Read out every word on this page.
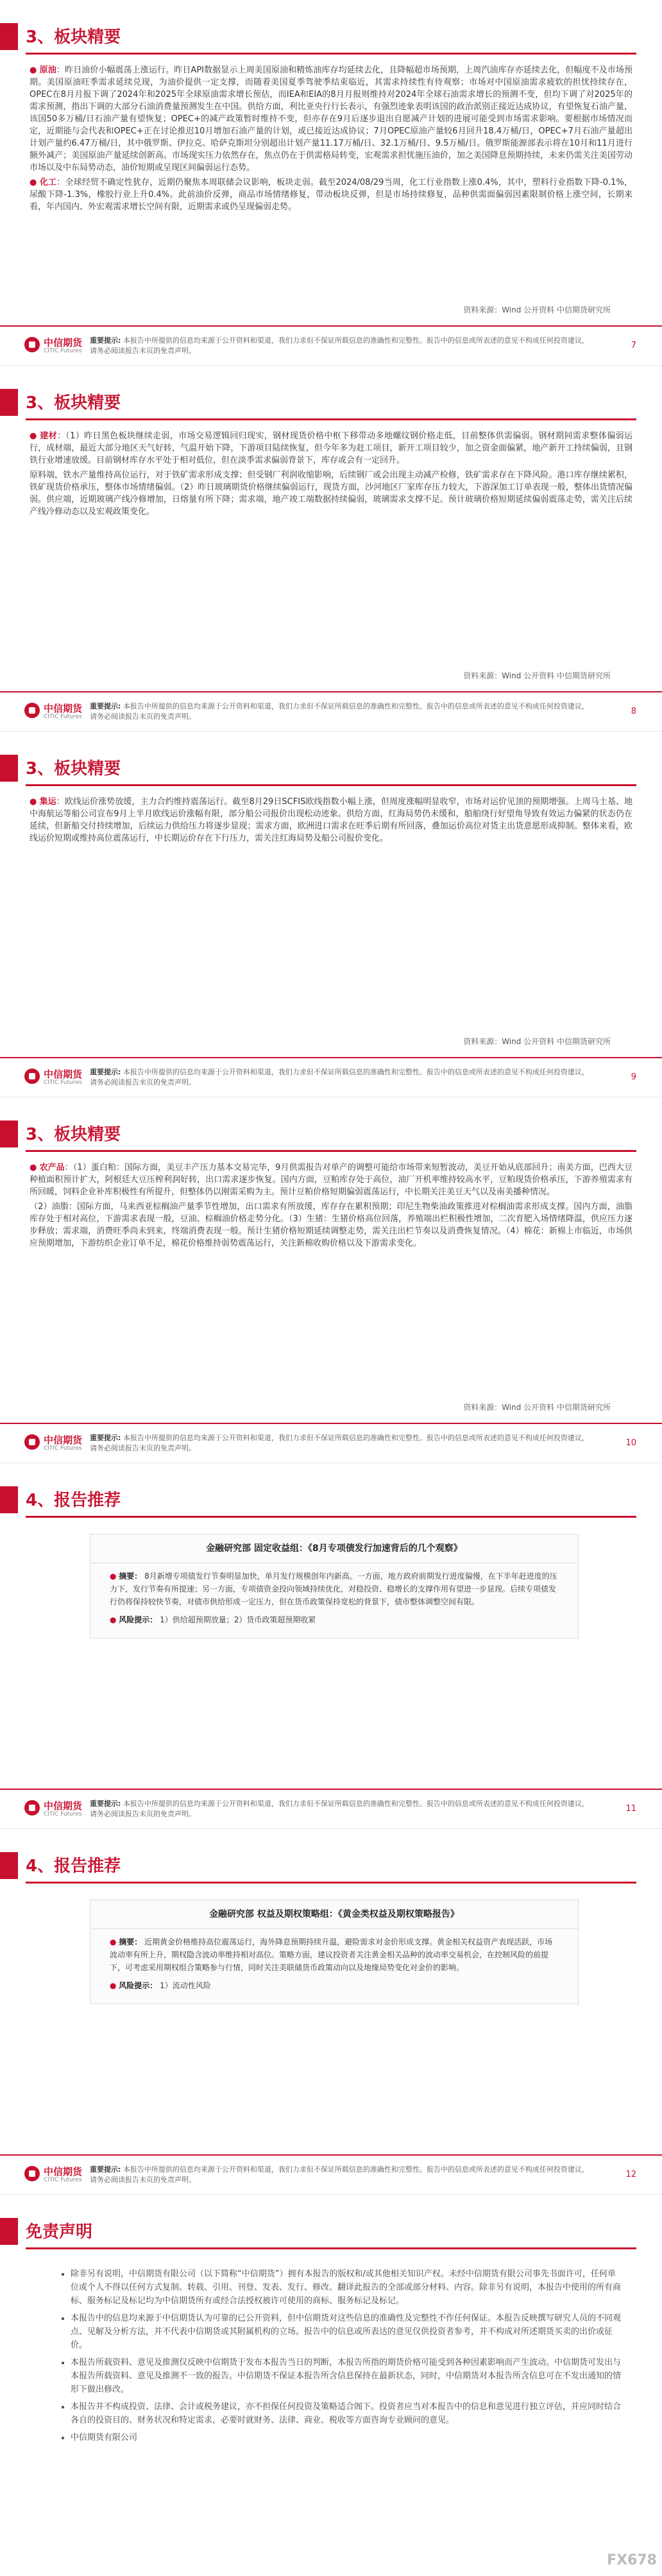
3、板块精要

● 原油：昨日油价小幅震荡上涨运行。昨日API数据显示上周美国原油和精炼油库存均延续去化，且降幅超市场预期，上周汽油库存亦延续去化，但幅度不及市场预期。美国原油旺季需求延续兑现，为油价提供一定支撑，而随着美国夏季驾驶季结束临近，其需求持续性有待观察；市场对中国原油需求疲软的担忧持续存在，OPEC在8月月报下调了2024年和2025年全球原油需求增长预估，而IEA和EIA的8月月报则维持对2024年全球石油需求增长的预测不变，但均下调了对2025年的需求预测，指出下调的大部分石油消费量预测发生在中国。供给方面，利比亚央行行长表示，有强烈迹象表明该国的政治派别正接近达成协议，有望恢复石油产量，该国50多万桶/日石油产量有望恢复；OPEC+的减产政策暂时维持不变，但亦存在9月后逐步退出自愿减产计划的进展可能受到市场需求影响。要根据市场情况而定，近期能与会代表和OPEC+正在讨论推迟10月增加石油产量的计划，或已接近达成协议；7月OPEC原油产量较6月回升18.4万桶/日，OPEC+7月石油产量超出计划产量约6.47万桶/日，其中俄罗斯、伊拉克、哈萨克斯坦分别超出计划产量11.17万桶/日、32.1万桶/日、9.5万桶/日。俄罗斯能源部表示将在10月和11月进行额外减产；美国原油产量延续创新高。市场现实压力依然存在，焦点仍在于供需格局转变，宏观需求担忧施压油价，加之美国降息预期持续，未来仍需关注美国劳动市场以及中东局势动态，油价短期或呈现区间偏弱运行态势。

● 化工：全球经贸不确定性犹存，近期仍聚焦本周联储会议影响，板块走弱。截至2024/08/29当周，化工行业指数上涨0.4%，其中，塑料行业指数下降-0.1%，尿酸下降-1.3%，橡胶行业上升0.4%。此前油价反弹，商品市场情绪修复，带动板块反弹，但是市场持续修复，品种供需面偏弱因素限制价格上涨空间，长期来看，年内国内、外宏观需求增长空间有限，近期需求或仍呈现偏弱走势。

资料来源：Wind 公开资料 中信期货研究所
中信期货
CITIC Futures
重要提示: 本报告中所提供的信息均来源于公开资料和渠道，我们力求但不保证所载信息的准确性和完整性。报告中的信息或所表述的意见不构成任何投资建议，请务必阅读报告末页的免责声明。
7
3、板块精要

● 建材：（1）昨日黑色板块继续走弱，市场交易逻辑回归现实，钢材现货价格中枢下移带动多地螺纹钢价格走低，目前整体供需偏弱。钢材期间需求整体偏弱运行，成材端，最近大部分地区天气好转，气温开始下降，下游项目陆续恢复，但今年多为赶工项目，新开工项目较少，加之资金面偏紧，地产新开工持续偏弱，且钢铁行业增速放缓。目前钢材库存水平处于相对低位，但在淡季需求偏弱背景下，库存或会有一定回升。

原料端，铁水产量维持高位运行，对于铁矿需求形成支撑；但受钢厂利润收缩影响，后续钢厂或会出现主动减产检修，铁矿需求存在下降风险。港口库存继续累积，铁矿现货价格承压，整体市场情绪偏弱。（2）昨日玻璃期货价格继续偏弱运行，现货方面，沙河地区厂家库存压力较大，下游深加工订单表现一般，整体出货情况偏弱。供应端，近期玻璃产线冷修增加，日熔量有所下降；需求端，地产竣工端数据持续偏弱，玻璃需求支撑不足。预计玻璃价格短期延续偏弱震荡走势，需关注后续产线冷修动态以及宏观政策变化。

资料来源：Wind 公开资料 中信期货研究所
中信期货
CITIC Futures
重要提示: 本报告中所提供的信息均来源于公开资料和渠道，我们力求但不保证所载信息的准确性和完整性。报告中的信息或所表述的意见不构成任何投资建议，请务必阅读报告末页的免责声明。
8
3、板块精要

● 集运：欧线运价涨势放缓，主力合约维持震荡运行。截至8月29日SCFIS欧线指数小幅上涨，但周度涨幅明显收窄，市场对运价见顶的预期增强。上周马士基、地中海航运等船公司宣布9月上半月欧线运价涨幅有限，部分船公司报价出现松动迹象。供给方面，红海局势仍未缓和，船舶绕行好望角导致有效运力偏紧的状态仍在延续，但新船交付持续增加，后续运力供给压力将逐步显现；需求方面，欧洲进口需求在旺季后期有所回落，叠加运价高位对货主出货意愿形成抑制。整体来看，欧线运价短期或维持高位震荡运行，中长期运价存在下行压力，需关注红海局势及船公司报价变化。

资料来源：Wind 公开资料 中信期货研究所
中信期货
CITIC Futures
重要提示: 本报告中所提供的信息均来源于公开资料和渠道，我们力求但不保证所载信息的准确性和完整性。报告中的信息或所表述的意见不构成任何投资建议，请务必阅读报告末页的免责声明。
9
3、板块精要

● 农产品：（1）蛋白粕：国际方面，美豆丰产压力基本交易完毕，9月供需报告对单产的调整可能给市场带来短暂波动，美豆开始从底部回升；南美方面，巴西大豆种植面积预计扩大，阿根廷大豆压榨利润好转，出口需求逐步恢复。国内方面，豆粕库存处于高位，油厂开机率维持较高水平，豆粕现货价格承压，下游养殖需求有所回暖，饲料企业补库积极性有所提升，但整体仍以刚需采购为主。预计豆粕价格短期偏弱震荡运行，中长期关注美豆天气以及南美播种情况。

（2）油脂：国际方面，马来西亚棕榈油产量季节性增加，出口需求有所放缓，库存存在累积预期；印尼生物柴油政策推进对棕榈油需求形成支撑。国内方面，油脂库存处于相对高位，下游需求表现一般，豆油、棕榈油价格走势分化。（3）生猪：生猪价格高位回落，养殖端出栏积极性增加，二次育肥入场情绪降温，供应压力逐步释放；需求端，消费旺季尚未到来，终端消费表现一般。预计生猪价格短期延续调整走势，需关注出栏节奏以及消费恢复情况。（4）棉花：新棉上市临近，市场供应预期增加，下游纺织企业订单不足，棉花价格维持弱势震荡运行，关注新棉收购价格以及下游需求变化。

资料来源：Wind 公开资料 中信期货研究所
中信期货
CITIC Futures
重要提示: 本报告中所提供的信息均来源于公开资料和渠道，我们力求但不保证所载信息的准确性和完整性。报告中的信息或所表述的意见不构成任何投资建议，请务必阅读报告末页的免责声明。
10
4、报告推荐
金融研究部 固定收益组：《8月专项债发行加速背后的几个观察》
● 摘要： 8月新增专项债发行节奏明显加快，单月发行规模创年内新高。一方面，地方政府前期发行进度偏慢，在下半年赶进度的压力下，发行节奏有所提速；另一方面，专项债资金投向领域持续优化，对稳投资、稳增长的支撑作用有望进一步显现。后续专项债发行仍将保持较快节奏，对债市供给形成一定压力，但在货币政策保持宽松的背景下，债市整体调整空间有限。
● 风险提示： 1）供给超预期放量；2）货币政策超预期收紧
中信期货
CITIC Futures
重要提示: 本报告中所提供的信息均来源于公开资料和渠道，我们力求但不保证所载信息的准确性和完整性。报告中的信息或所表述的意见不构成任何投资建议，请务必阅读报告末页的免责声明。
11
4、报告推荐
金融研究部 权益及期权策略组：《黄金类权益及期权策略报告》
● 摘要： 近期黄金价格维持高位震荡运行，海外降息预期持续升温，避险需求对金价形成支撑。黄金相关权益资产表现活跃，市场波动率有所上升，期权隐含波动率维持相对高位。策略方面，建议投资者关注黄金相关品种的波动率交易机会，在控制风险的前提下，可考虑采用期权组合策略参与行情，同时关注美联储货币政策动向以及地缘局势变化对金价的影响。
● 风险提示： 1）流动性风险
中信期货
CITIC Futures
重要提示: 本报告中所提供的信息均来源于公开资料和渠道，我们力求但不保证所载信息的准确性和完整性。报告中的信息或所表述的意见不构成任何投资建议，请务必阅读报告末页的免责声明。
12
免责声明
• 除非另有说明，中信期货有限公司（以下简称“中信期货”）拥有本报告的版权和/或其他相关知识产权。未经中信期货有限公司事先书面许可，任何单位或个人不得以任何方式复制、转载、引用、刊登、发表、发行、修改、翻译此报告的全部或部分材料、内容。除非另有说明，本报告中使用的所有商标、服务标记及标记均为中信期货所有或经合法授权被许可使用的商标、服务标记及标记。
• 本报告中的信息均来源于中信期货认为可靠的已公开资料，但中信期货对这些信息的准确性及完整性不作任何保证。本报告反映撰写研究人员的不同观点、见解及分析方法，并不代表中信期货或其附属机构的立场。报告中的信息或所表达的意见仅供投资者参考，并不构成对所述期货买卖的出价或征价。
• 本报告所载资料、意见及推测仅反映中信期货于发布本报告当日的判断，本报告所指的期货价格可能受到各种因素影响而产生波动。中信期货可发出与本报告所载资料、意见及推测不一致的报告。中信期货不保证本报告所含信息保持在最新状态，同时，中信期货对本报告所含信息可在不发出通知的情形下做出修改。
• 本报告并不构成投资、法律、会计或税务建议，亦不担保任何投资及策略适合阁下。投资者应当对本报告中的信息和意见进行独立评估，并应同时结合各自的投资目的、财务状况和特定需求，必要时就财务、法律、商业、税收等方面咨询专业顾问的意见。
• 中信期货有限公司
FX678
